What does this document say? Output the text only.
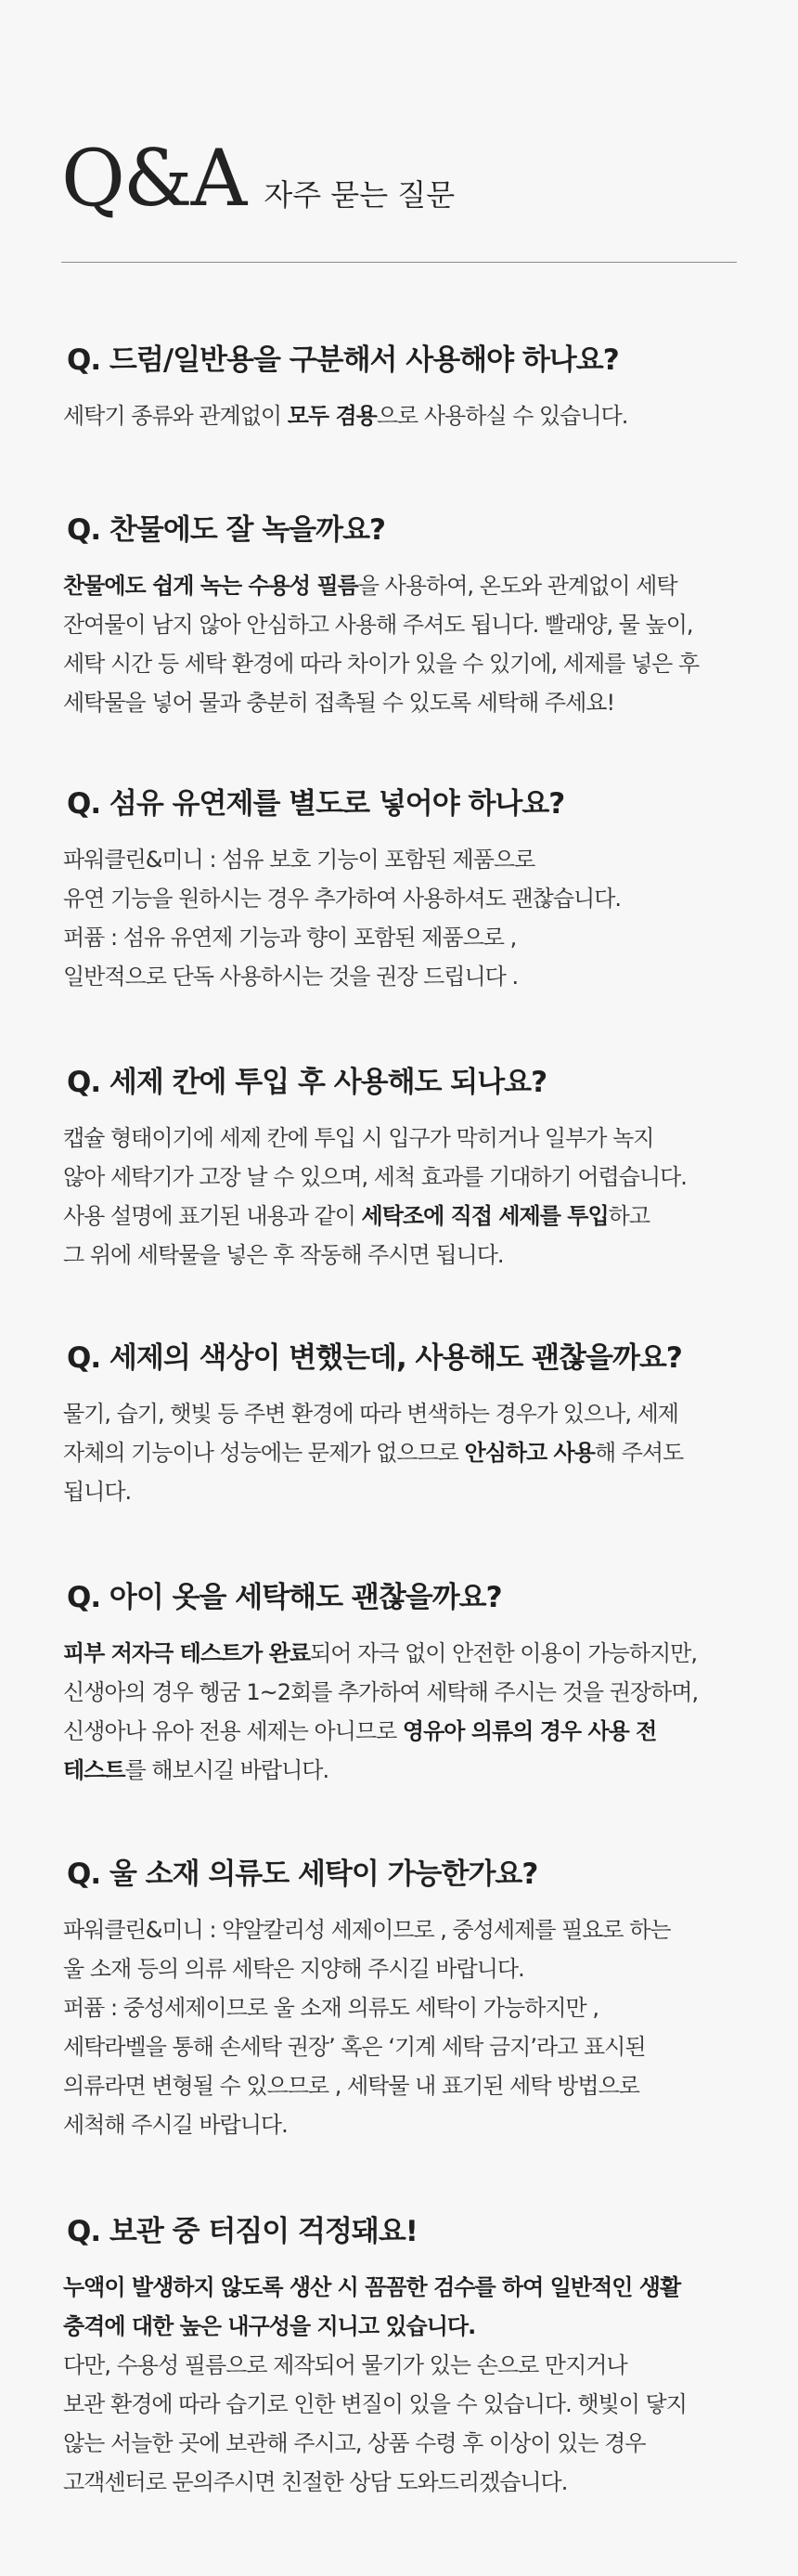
Q&A 자주 묻는 질문
Q. 드럼/일반용을 구분해서 사용해야 하나요?
세탁기 종류와 관계없이 모두 겸용으로 사용하실 수 있습니다.
Q. 찬물에도 잘 녹을까요?
찬물에도 쉽게 녹는 수용성 필름을 사용하여, 온도와 관계없이 세탁
잔여물이 남지 않아 안심하고 사용해 주셔도 됩니다. 빨래양, 물 높이,
세탁 시간 등 세탁 환경에 따라 차이가 있을 수 있기에, 세제를 넣은 후
세탁물을 넣어 물과 충분히 접촉될 수 있도록 세탁해 주세요!
Q. 섬유 유연제를 별도로 넣어야 하나요?
파워클린&미니 : 섬유 보호 기능이 포함된 제품으로
유연 기능을 원하시는 경우 추가하여 사용하셔도 괜찮습니다.
퍼퓸 : 섬유 유연제 기능과 향이 포함된 제품으로 ,
일반적으로 단독 사용하시는 것을 권장 드립니다 .
Q. 세제 칸에 투입 후 사용해도 되나요?
캡슐 형태이기에 세제 칸에 투입 시 입구가 막히거나 일부가 녹지
않아 세탁기가 고장 날 수 있으며, 세척 효과를 기대하기 어렵습니다.
사용 설명에 표기된 내용과 같이 세탁조에 직접 세제를 투입하고
그 위에 세탁물을 넣은 후 작동해 주시면 됩니다.
Q. 세제의 색상이 변했는데, 사용해도 괜찮을까요?
물기, 습기, 햇빛 등 주변 환경에 따라 변색하는 경우가 있으나, 세제
자체의 기능이나 성능에는 문제가 없으므로 안심하고 사용해 주셔도
됩니다.
Q. 아이 옷을 세탁해도 괜찮을까요?
피부 저자극 테스트가 완료되어 자극 없이 안전한 이용이 가능하지만,
신생아의 경우 헹굼 1~2회를 추가하여 세탁해 주시는 것을 권장하며,
신생아나 유아 전용 세제는 아니므로 영유아 의류의 경우 사용 전
테스트를 해보시길 바랍니다.
Q. 울 소재 의류도 세탁이 가능한가요?
파워클린&미니 : 약알칼리성 세제이므로 , 중성세제를 필요로 하는
울 소재 등의 의류 세탁은 지양해 주시길 바랍니다.
퍼퓸 : 중성세제이므로 울 소재 의류도 세탁이 가능하지만 ,
세탁라벨을 통해 손세탁 권장’ 혹은 ‘기계 세탁 금지’라고 표시된
의류라면 변형될 수 있으므로 , 세탁물 내 표기된 세탁 방법으로
세척해 주시길 바랍니다.
Q. 보관 중 터짐이 걱정돼요!
누액이 발생하지 않도록 생산 시 꼼꼼한 검수를 하여 일반적인 생활
충격에 대한 높은 내구성을 지니고 있습니다.
다만, 수용성 필름으로 제작되어 물기가 있는 손으로 만지거나
보관 환경에 따라 습기로 인한 변질이 있을 수 있습니다. 햇빛이 닿지
않는 서늘한 곳에 보관해 주시고, 상품 수령 후 이상이 있는 경우
고객센터로 문의주시면 친절한 상담 도와드리겠습니다.
